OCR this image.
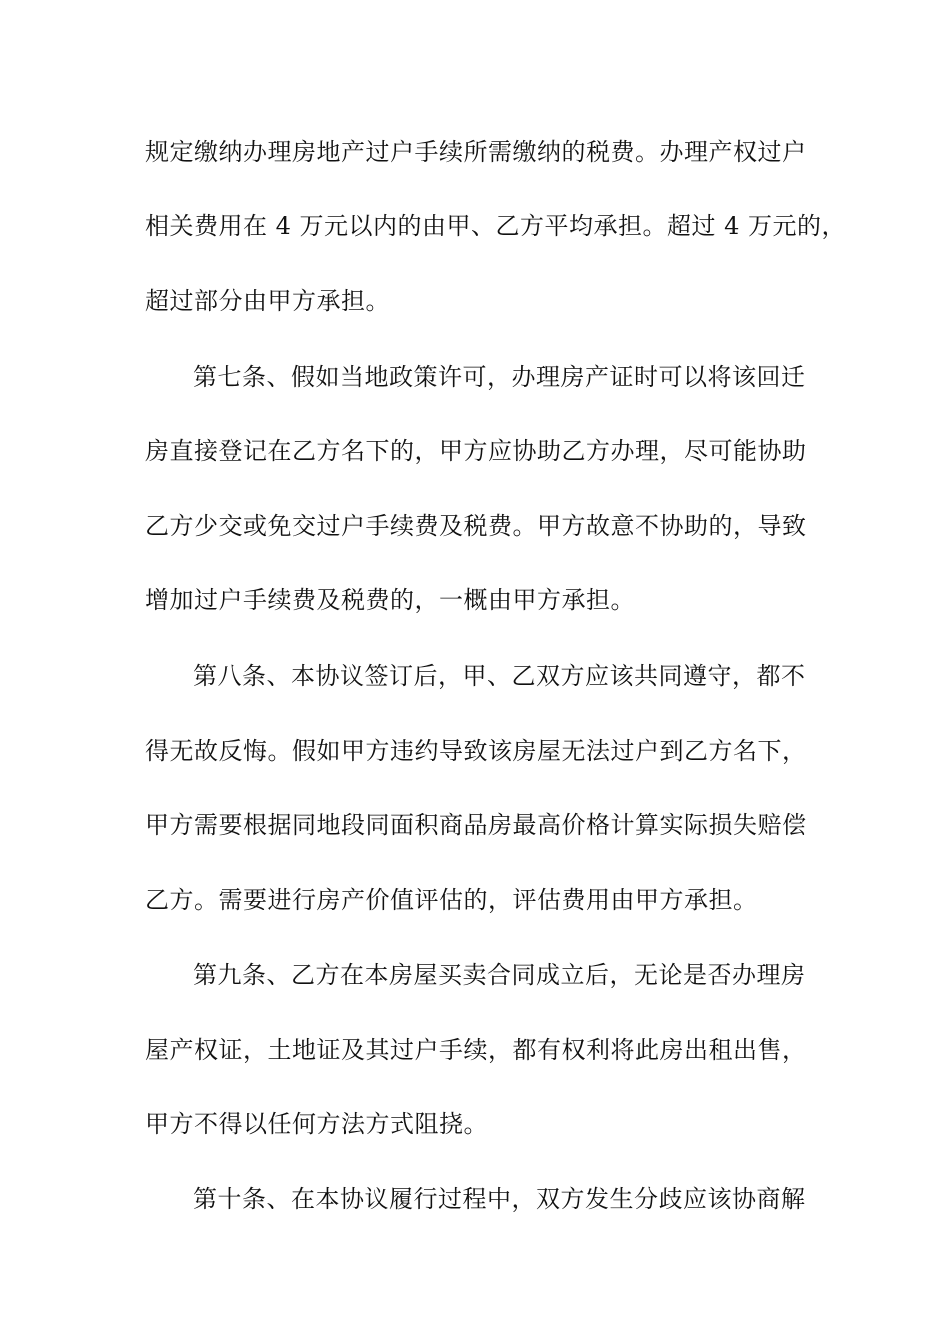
规定缴纳办理房地产过户手续所需缴纳的税费。办理产权过户
相关费用在 4 万元以内的由甲、乙方平均承担。超过 4 万元的，
超过部分由甲方承担。
第七条、假如当地政策许可，办理房产证时可以将该回迁
房直接登记在乙方名下的，甲方应协助乙方办理，尽可能协助
乙方少交或免交过户手续费及税费。甲方故意不协助的，导致
增加过户手续费及税费的，一概由甲方承担。
第八条、本协议签订后，甲、乙双方应该共同遵守，都不
得无故反悔。假如甲方违约导致该房屋无法过户到乙方名下，
甲方需要根据同地段同面积商品房最高价格计算实际损失赔偿
乙方。需要进行房产价值评估的，评估费用由甲方承担。
第九条、乙方在本房屋买卖合同成立后，无论是否办理房
屋产权证，土地证及其过户手续，都有权利将此房出租出售，
甲方不得以任何方法方式阻挠。
第十条、在本协议履行过程中，双方发生分歧应该协商解
